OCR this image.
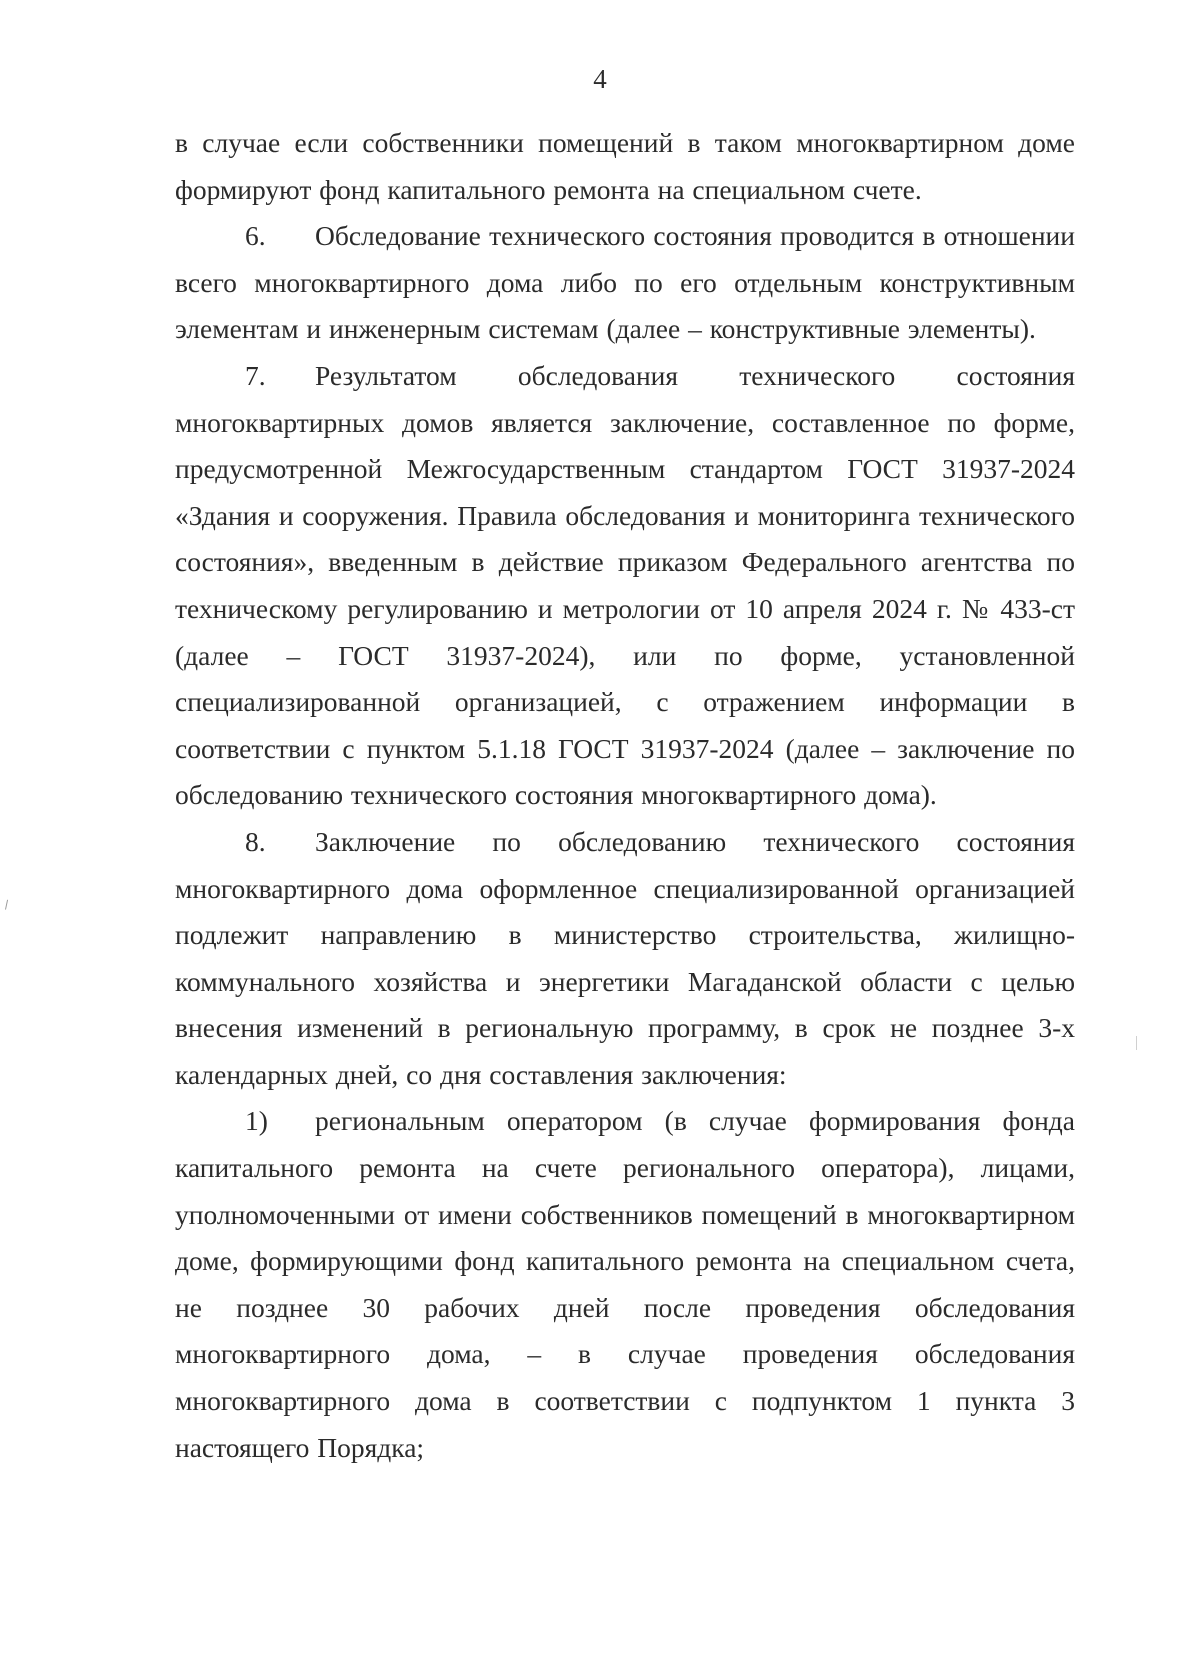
4

в случае если собственники помещений в таком многоквартирном доме формируют фонд капитального ремонта на специальном счете.

6. Обследование технического состояния проводится в отношении всего многоквартирного дома либо по его отдельным конструктивным элементам и инженерным системам (далее – конструктивные элементы).

7. Результатом обследования технического состояния многоквартирных домов является заключение, составленное по форме, предусмотренной Межгосударственным стандартом ГОСТ 31937-2024 «Здания и сооружения. Правила обследования и мониторинга технического состояния», введенным в действие приказом Федерального агентства по техническому регулированию и метрологии от 10 апреля 2024 г. № 433-ст (далее – ГОСТ 31937-2024), или по форме, установленной специализированной организацией, с отражением информации в соответствии с пунктом 5.1.18 ГОСТ 31937-2024 (далее – заключение по обследованию технического состояния многоквартирного дома).

8. Заключение по обследованию технического состояния многоквартирного дома оформленное специализированной организацией подлежит направлению в министерство строительства, жилищно-коммунального хозяйства и энергетики Магаданской области с целью внесения изменений в региональную программу, в срок не позднее 3-х календарных дней, со дня составления заключения:

1) региональным оператором (в случае формирования фонда капитального ремонта на счете регионального оператора), лицами, уполномоченными от имени собственников помещений в многоквартирном доме, формирующими фонд капитального ремонта на специальном счета, не позднее 30 рабочих дней после проведения обследования многоквартирного дома, – в случае проведения обследования многоквартирного дома в соответствии с подпунктом 1 пункта 3 настоящего Порядка;
